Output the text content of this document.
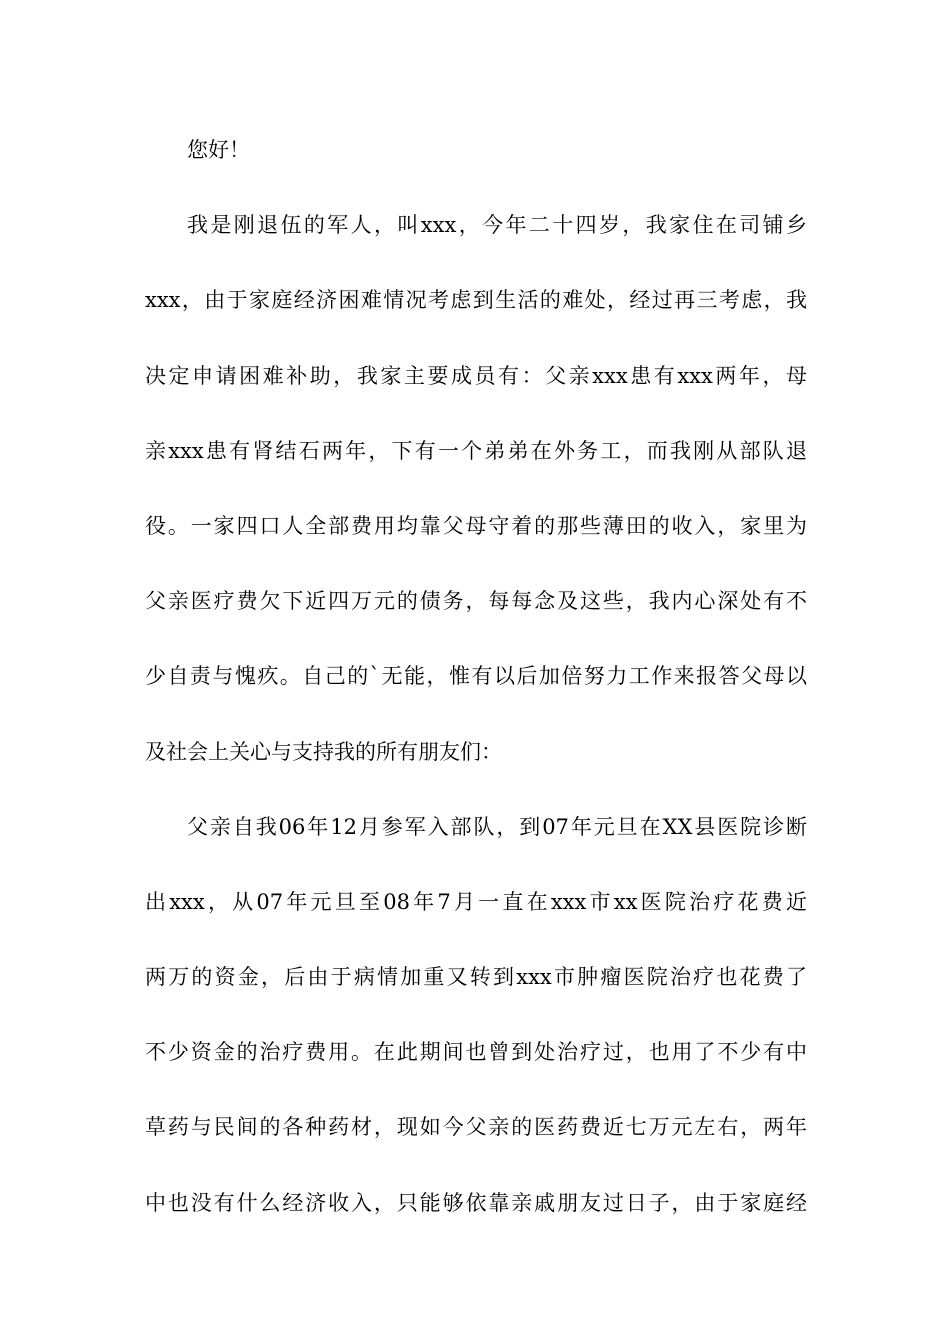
您好！
我是刚退伍的军人，叫xxx，今年二十四岁，我家住在司铺乡
xxx，由于家庭经济困难情况考虑到生活的难处，经过再三考虑，我
决定申请困难补助，我家主要成员有：父亲xxx患有xxx两年，母
亲xxx患有肾结石两年，下有一个弟弟在外务工，而我刚从部队退
役。一家四口人全部费用均靠父母守着的那些薄田的收入，家里为
父亲医疗费欠下近四万元的债务，每每念及这些，我内心深处有不
少自责与愧疚。自己的`无能，惟有以后加倍努力工作来报答父母以
及社会上关心与支持我的所有朋友们：
父亲自我06年12月参军入部队，到07年元旦在XX县医院诊断
出xxx，从07年元旦至08年7月一直在xxx市xx医院治疗花费近
两万的资金，后由于病情加重又转到xxx市肿瘤医院治疗也花费了
不少资金的治疗费用。在此期间也曾到处治疗过，也用了不少有中
草药与民间的各种药材，现如今父亲的医药费近七万元左右，两年
中也没有什么经济收入，只能够依靠亲戚朋友过日子，由于家庭经
